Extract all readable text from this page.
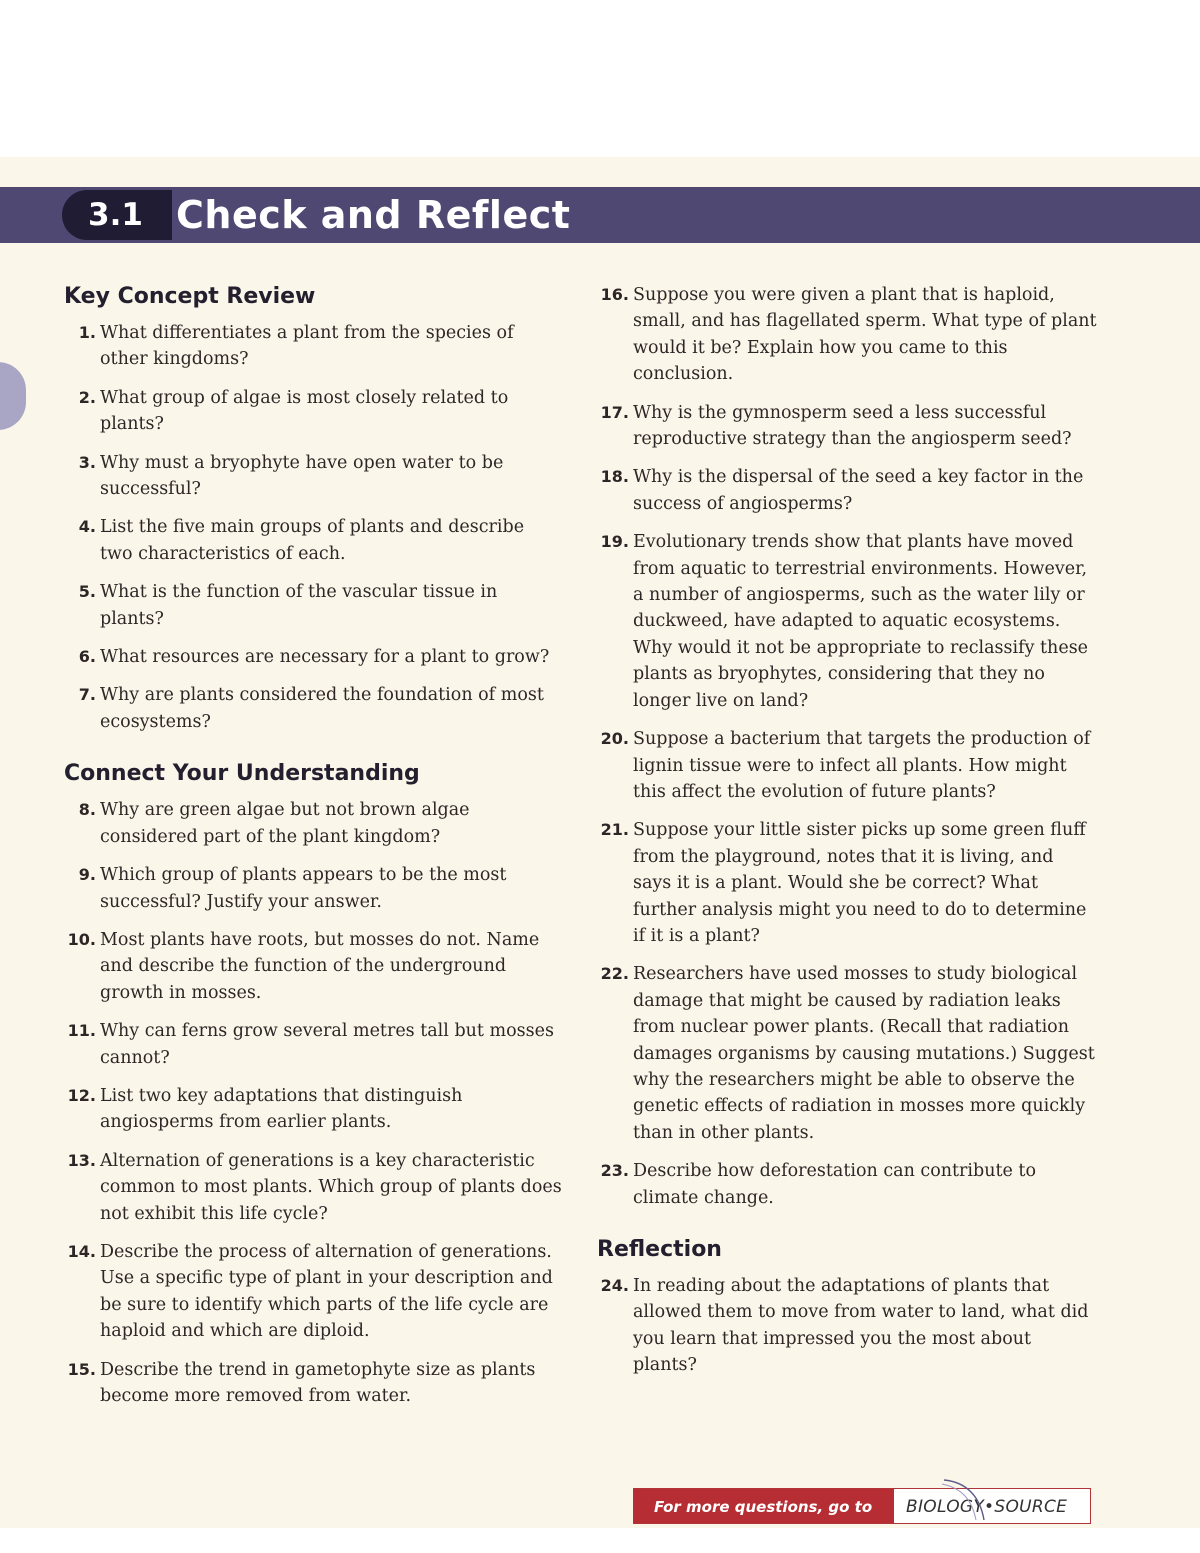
3.1 Check and Reflect
Key Concept Review
1. What differentiates a plant from the species of other kingdoms?
2. What group of algae is most closely related to plants?
3. Why must a bryophyte have open water to be successful?
4. List the five main groups of plants and describe two characteristics of each.
5. What is the function of the vascular tissue in plants?
6. What resources are necessary for a plant to grow?
7. Why are plants considered the foundation of most ecosystems?
Connect Your Understanding
8. Why are green algae but not brown algae considered part of the plant kingdom?
9. Which group of plants appears to be the most successful? Justify your answer.
10. Most plants have roots, but mosses do not. Name and describe the function of the underground growth in mosses.
11. Why can ferns grow several metres tall but mosses cannot?
12. List two key adaptations that distinguish angiosperms from earlier plants.
13. Alternation of generations is a key characteristic common to most plants. Which group of plants does not exhibit this life cycle?
14. Describe the process of alternation of generations. Use a specific type of plant in your description and be sure to identify which parts of the life cycle are haploid and which are diploid.
15. Describe the trend in gametophyte size as plants become more removed from water.
16. Suppose you were given a plant that is haploid, small, and has flagellated sperm. What type of plant would it be? Explain how you came to this conclusion.
17. Why is the gymnosperm seed a less successful reproductive strategy than the angiosperm seed?
18. Why is the dispersal of the seed a key factor in the success of angiosperms?
19. Evolutionary trends show that plants have moved from aquatic to terrestrial environments. However, a number of angiosperms, such as the water lily or duckweed, have adapted to aquatic ecosystems. Why would it not be appropriate to reclassify these plants as bryophytes, considering that they no longer live on land?
20. Suppose a bacterium that targets the production of lignin tissue were to infect all plants. How might this affect the evolution of future plants?
21. Suppose your little sister picks up some green fluff from the playground, notes that it is living, and says it is a plant. Would she be correct? What further analysis might you need to do to determine if it is a plant?
22. Researchers have used mosses to study biological damage that might be caused by radiation leaks from nuclear power plants. (Recall that radiation damages organisms by causing mutations.) Suggest why the researchers might be able to observe the genetic effects of radiation in mosses more quickly than in other plants.
23. Describe how deforestation can contribute to climate change.
Reflection
24. In reading about the adaptations of plants that allowed them to move from water to land, what did you learn that impressed you the most about plants?
For more questions, go to	BIOLOGY•SOURCE
